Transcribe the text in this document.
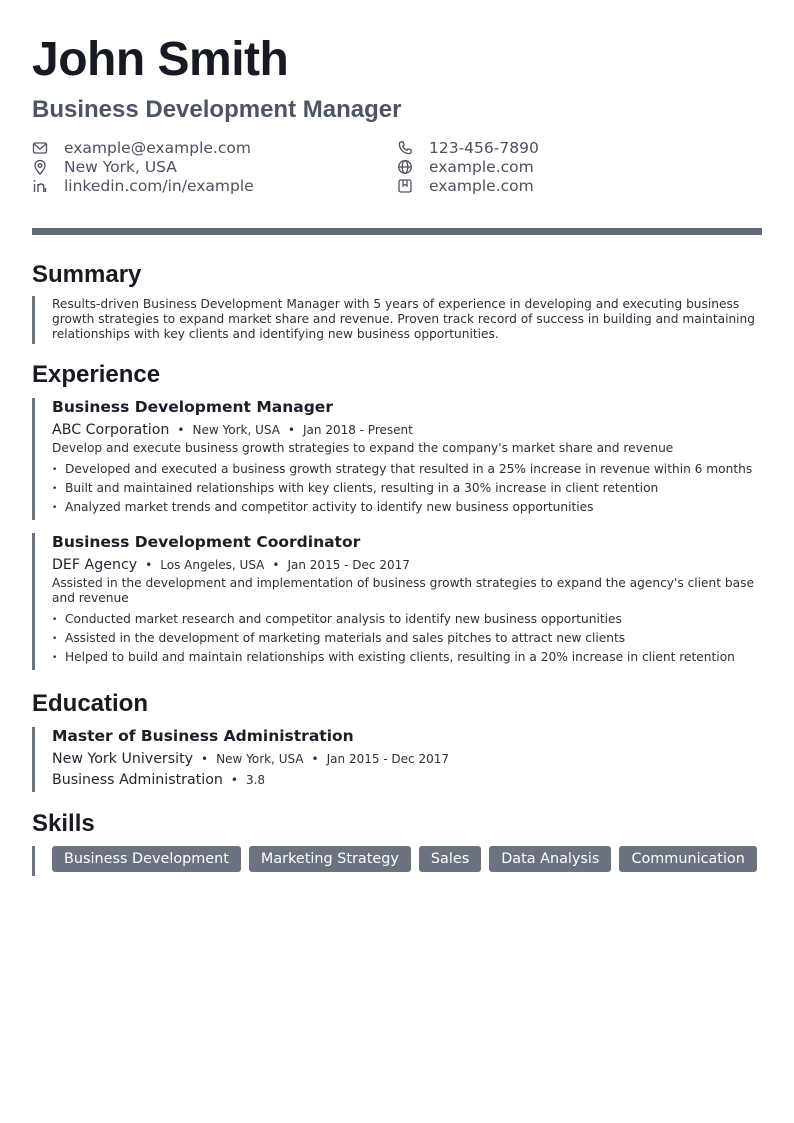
John Smith
Business Development Manager
example@example.com
New York, USA
linkedin.com/in/example
123-456-7890
example.com
example.com
Summary

Results-driven Business Development Manager with 5 years of experience in developing and executing business growth strategies to expand market share and revenue. Proven track record of success in building and maintaining relationships with key clients and identifying new business opportunities.

Experience
Business Development Manager
ABC Corporation • New York, USA • Jan 2018 - Present
Develop and execute business growth strategies to expand the company's market share and revenue
• Developed and executed a business growth strategy that resulted in a 25% increase in revenue within 6 months
• Built and maintained relationships with key clients, resulting in a 30% increase in client retention
• Analyzed market trends and competitor activity to identify new business opportunities
Business Development Coordinator
DEF Agency • Los Angeles, USA • Jan 2015 - Dec 2017
Assisted in the development and implementation of business growth strategies to expand the agency's client base and revenue
• Conducted market research and competitor analysis to identify new business opportunities
• Assisted in the development of marketing materials and sales pitches to attract new clients
• Helped to build and maintain relationships with existing clients, resulting in a 20% increase in client retention
Education
Master of Business Administration
New York University • New York, USA • Jan 2015 - Dec 2017
Business Administration • 3.8
Skills
Business Development	Marketing Strategy	Sales	Data Analysis	Communication
